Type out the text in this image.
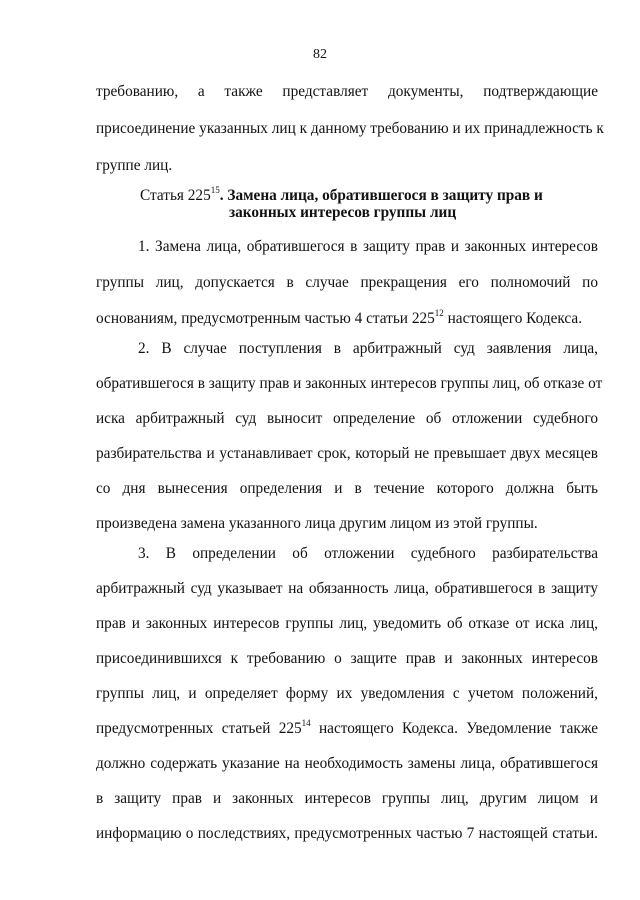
82
требованию, а также представляет документы, подтверждающие
присоединение указанных лиц к данному требованию и их принадлежность к
группе лиц.
Статья $225^{15}$. Замена лица, обратившегося в защиту прав и
законных интересов группы лиц
1. Замена лица, обратившегося в защиту прав и законных интересов
группы лиц, допускается в случае прекращения его полномочий по
основаниям, предусмотренным частью 4 статьи $225^{12}$ настоящего Кодекса.
2. В случае поступления в арбитражный суд заявления лица,
обратившегося в защиту прав и законных интересов группы лиц, об отказе от
иска арбитражный суд выносит определение об отложении судебного
разбирательства и устанавливает срок, который не превышает двух месяцев
со дня вынесения определения и в течение которого должна быть
произведена замена указанного лица другим лицом из этой группы.
3. В определении об отложении судебного разбирательства
арбитражный суд указывает на обязанность лица, обратившегося в защиту
прав и законных интересов группы лиц, уведомить об отказе от иска лиц,
присоединившихся к требованию о защите прав и законных интересов
группы лиц, и определяет форму их уведомления с учетом положений,
предусмотренных статьей $225^{14}$ настоящего Кодекса. Уведомление также
должно содержать указание на необходимость замены лица, обратившегося
в защиту прав и законных интересов группы лиц, другим лицом и
информацию о последствиях, предусмотренных частью 7 настоящей статьи.
